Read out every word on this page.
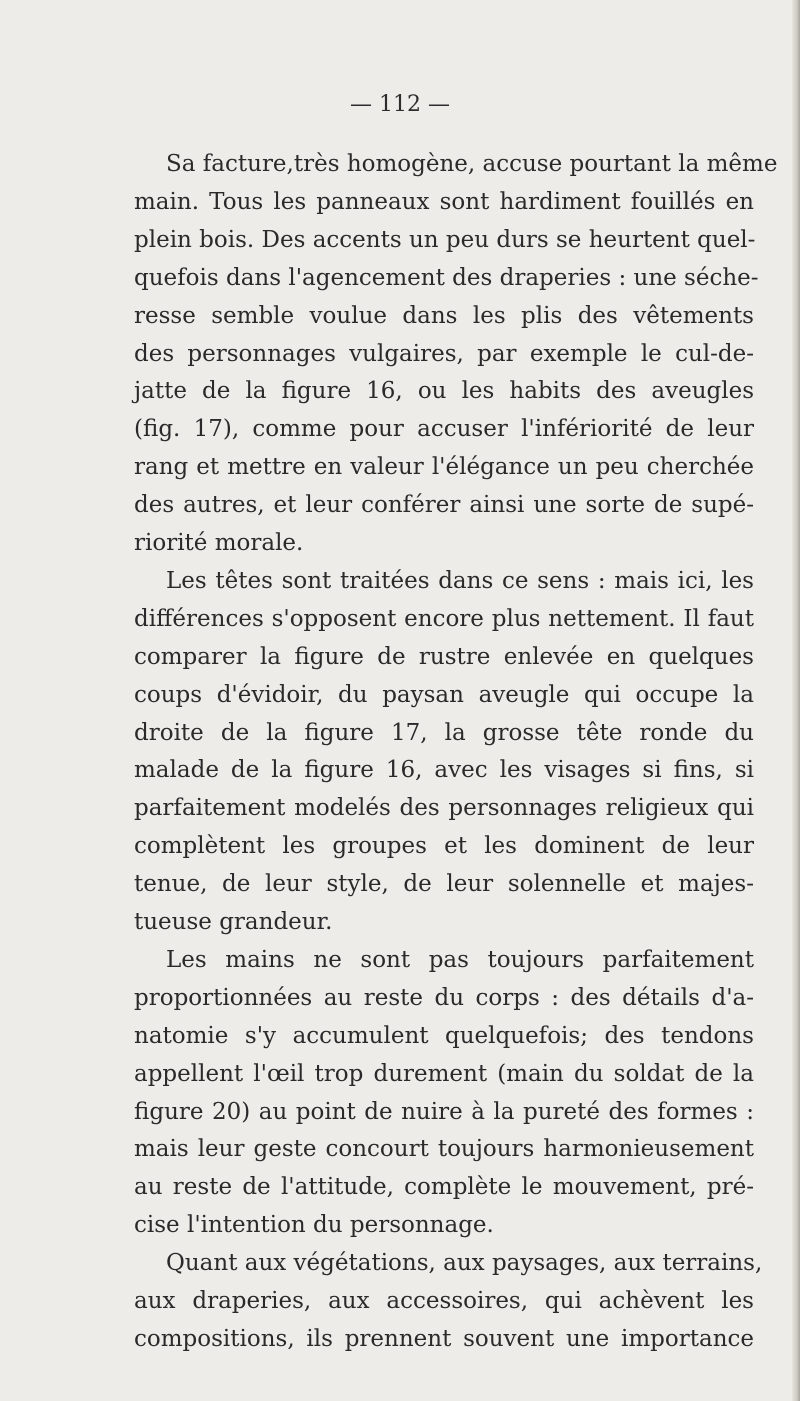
— 112 —
Sa facture,très homogène, accuse pourtant la même
main. Tous les panneaux sont hardiment fouillés en
plein bois. Des accents un peu durs se heurtent quel-
quefois dans l'agencement des draperies : une séche-
resse semble voulue dans les plis des vêtements
des personnages vulgaires, par exemple le cul-de-
jatte de la figure 16, ou les habits des aveugles
(fig. 17), comme pour accuser l'infériorité de leur
rang et mettre en valeur l'élégance un peu cherchée
des autres, et leur conférer ainsi une sorte de supé-
riorité morale.
Les têtes sont traitées dans ce sens : mais ici, les
différences s'opposent encore plus nettement. Il faut
comparer la figure de rustre enlevée en quelques
coups d'évidoir, du paysan aveugle qui occupe la
droite de la figure 17, la grosse tête ronde du
malade de la figure 16, avec les visages si fins, si
parfaitement modelés des personnages religieux qui
complètent les groupes et les dominent de leur
tenue, de leur style, de leur solennelle et majes-
tueuse grandeur.
Les mains ne sont pas toujours parfaitement
proportionnées au reste du corps : des détails d'a-
natomie s'y accumulent quelquefois; des tendons
appellent l'œil trop durement (main du soldat de la
figure 20) au point de nuire à la pureté des formes :
mais leur geste concourt toujours harmonieusement
au reste de l'attitude, complète le mouvement, pré-
cise l'intention du personnage.
Quant aux végétations, aux paysages, aux terrains,
aux draperies, aux accessoires, qui achèvent les
compositions, ils prennent souvent une importance
